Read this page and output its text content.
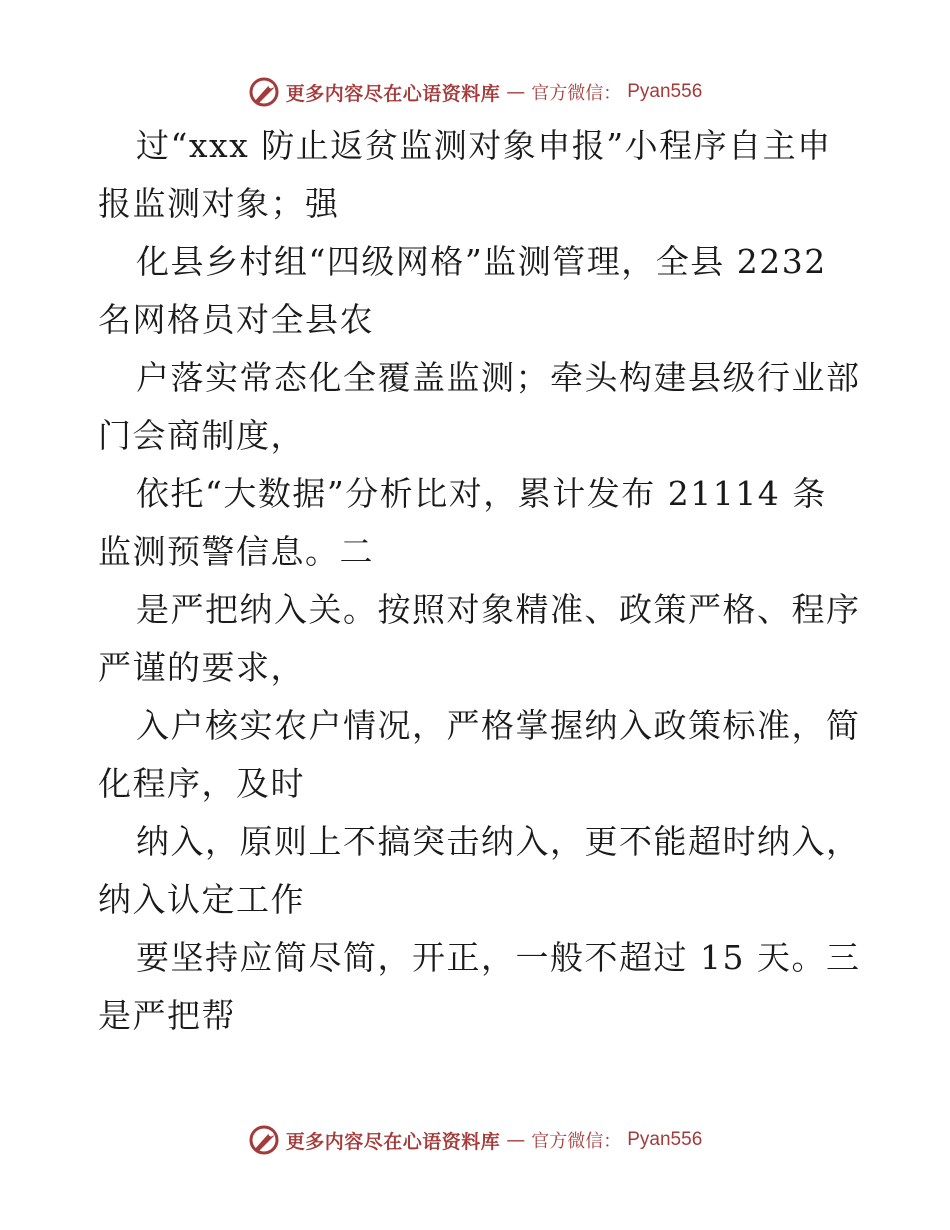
更多内容尽在心语资料库 — 官方微信： Pyan556
过“xxx 防止返贫监测对象申报”小程序自主申
报监测对象；强
化县乡村组“四级网格”监测管理，全县 2232
名网格员对全县农
户落实常态化全覆盖监测；牵头构建县级行业部
门会商制度，
依托“大数据”分析比对，累计发布 21114 条
监测预警信息。二
是严把纳入关。按照对象精准、政策严格、程序
严谨的要求，
入户核实农户情况，严格掌握纳入政策标准，简
化程序，及时
纳入，原则上不搞突击纳入，更不能超时纳入，
纳入认定工作
要坚持应简尽简，开正，一般不超过 15 天。三
是严把帮
更多内容尽在心语资料库 — 官方微信： Pyan556
